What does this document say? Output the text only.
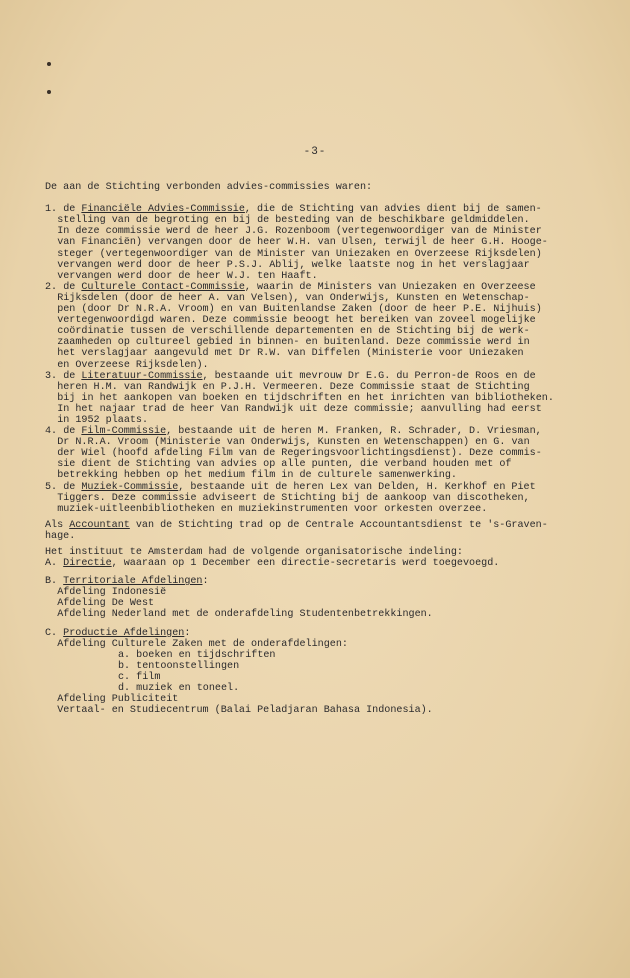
-3-
De aan de Stichting verbonden advies-commissies waren:
1. de Financiële Advies-Commissie, die de Stichting van advies dient bij de samen-
stelling van de begroting en bij de besteding van de beschikbare geldmiddelen.
In deze commissie werd de heer J.G. Rozenboom (vertegenwoordiger van de Minister
van Financiën) vervangen door de heer W.H. van Ulsen, terwijl de heer G.H. Hooge-
steger (vertegenwoordiger van de Minister van Uniezaken en Overzeese Rijksdelen)
vervangen werd door de heer P.S.J. Ablij, welke laatste nog in het verslagjaar
vervangen werd door de heer W.J. ten Haaft.
2. de Culturele Contact-Commissie, waarin de Ministers van Uniezaken en Overzeese
Rijksdelen (door de heer A. van Velsen), van Onderwijs, Kunsten en Wetenschap-
pen (door Dr N.R.A. Vroom) en van Buitenlandse Zaken (door de heer P.E. Nijhuis)
vertegenwoordigd waren. Deze commissie beoogt het bereiken van zoveel mogelijke
coördinatie tussen de verschillende departementen en de Stichting bij de werk-
zaamheden op cultureel gebied in binnen- en buitenland. Deze commissie werd in
het verslagjaar aangevuld met Dr R.W. van Diffelen (Ministerie voor Uniezaken
en Overzeese Rijksdelen).
3. de Literatuur-Commissie, bestaande uit mevrouw Dr E.G. du Perron-de Roos en de
heren H.M. van Randwijk en P.J.H. Vermeeren. Deze Commissie staat de Stichting
bij in het aankopen van boeken en tijdschriften en het inrichten van bibliotheken.
In het najaar trad de heer Van Randwijk uit deze commissie; aanvulling had eerst
in 1952 plaats.
4. de Film-Commissie, bestaande uit de heren M. Franken, R. Schrader, D. Vriesman,
Dr N.R.A. Vroom (Ministerie van Onderwijs, Kunsten en Wetenschappen) en G. van
der Wiel (hoofd afdeling Film van de Regeringsvoorlichtingsdienst). Deze commis-
sie dient de Stichting van advies op alle punten, die verband houden met of
betrekking hebben op het medium film in de culturele samenwerking.
5. de Muziek-Commissie, bestaande uit de heren Lex van Delden, H. Kerkhof en Piet
Tiggers. Deze commissie adviseert de Stichting bij de aankoop van discotheken,
muziek-uitleenbibliotheken en muziekinstrumenten voor orkesten overzee.
Als Accountant van de Stichting trad op de Centrale Accountantsdienst te 's-Graven-
hage.
Het instituut te Amsterdam had de volgende organisatorische indeling:
A. Directie, waaraan op 1 December een directie-secretaris werd toegevoegd.
B. Territoriale Afdelingen:
Afdeling Indonesië
Afdeling De West
Afdeling Nederland met de onderafdeling Studentenbetrekkingen.
C. Productie Afdelingen:
Afdeling Culturele Zaken met de onderafdelingen:
a. boeken en tijdschriften
b. tentoonstellingen
c. film
d. muziek en toneel.
Afdeling Publiciteit
Vertaal- en Studiecentrum (Balai Peladjaran Bahasa Indonesia).
